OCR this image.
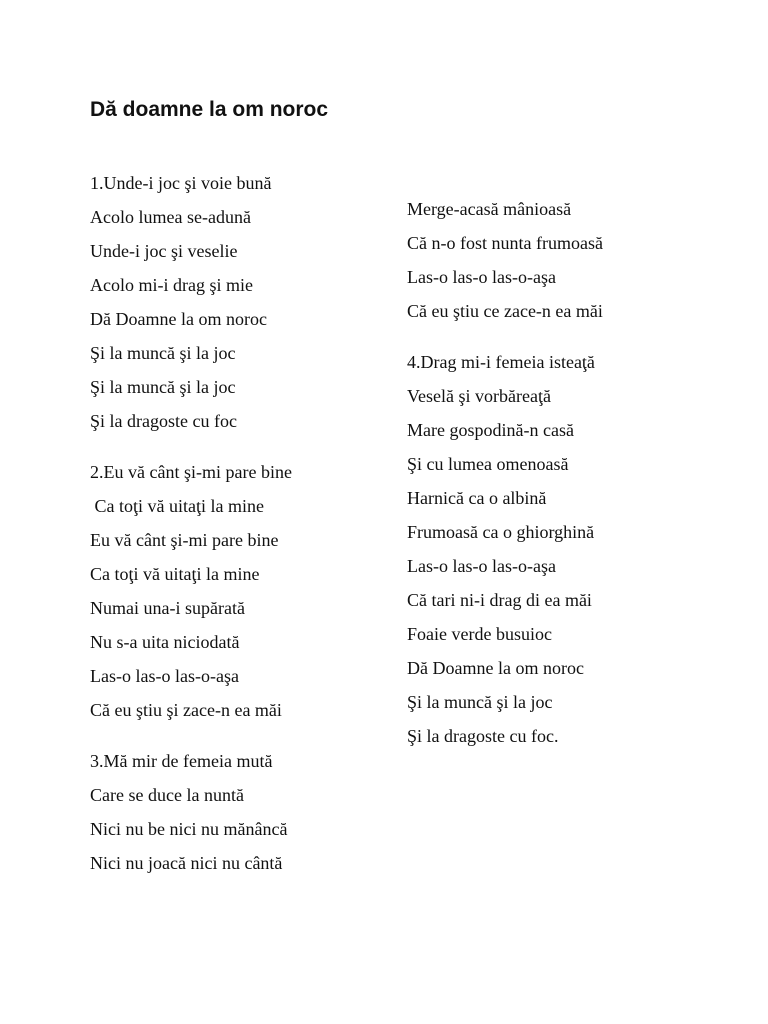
Dă doamne la om noroc
1.Unde-i joc şi voie bună
Acolo lumea se-adună
Unde-i joc şi veselie
Acolo mi-i drag şi mie
Dă Doamne la om noroc
Şi la muncă şi la joc
Şi la muncă şi la joc
Şi la dragoste cu foc
2.Eu vă cânt şi-mi pare bine
Ca toţi vă uitaţi la mine
Eu vă cânt şi-mi pare bine
Ca toţi vă uitaţi la mine
Numai una-i supărată
Nu s-a uita niciodată
Las-o las-o las-o-aşa
Că eu ştiu şi zace-n ea măi
3.Mă mir de femeia mută
Care se duce la nuntă
Nici nu be nici nu mănâncă
Nici nu joacă nici nu cântă
Merge-acasă mânioasă
Că n-o fost nunta frumoasă
Las-o las-o las-o-aşa
Că eu ştiu ce zace-n ea măi
4.Drag mi-i femeia isteaţă
Veselă şi vorbăreaţă
Mare gospodină-n casă
Şi cu lumea omenoasă
Harnică ca o albină
Frumoasă ca o ghiorghină
Las-o las-o las-o-aşa
Că tari ni-i drag di ea măi
Foaie verde busuioc
Dă Doamne la om noroc
Şi la muncă şi la joc
Şi la dragoste cu foc.
